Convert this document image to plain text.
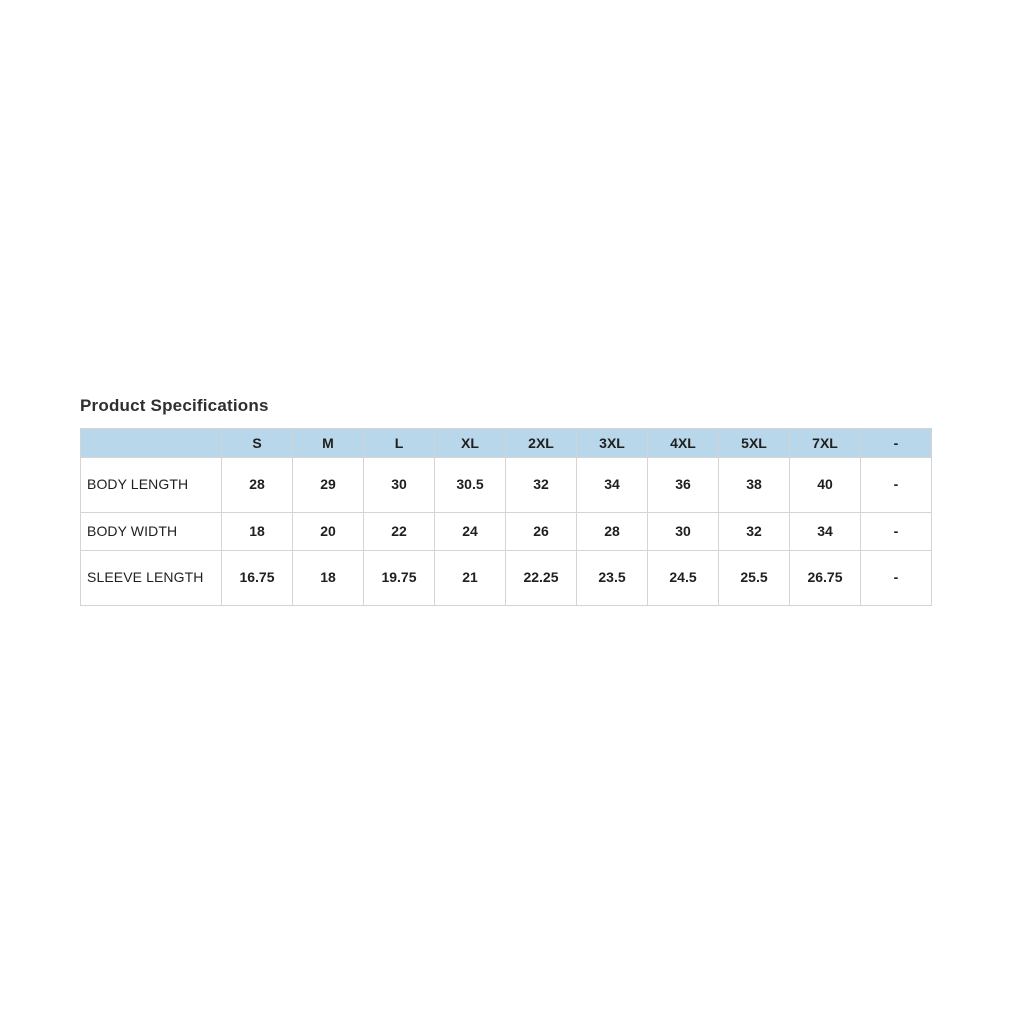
Product Specifications
	S	M	L	XL	2XL	3XL	4XL	5XL	7XL	-
BODY LENGTH	28	29	30	30.5	32	34	36	38	40	-
BODY WIDTH	18	20	22	24	26	28	30	32	34	-
SLEEVE LENGTH	16.75	18	19.75	21	22.25	23.5	24.5	25.5	26.75	-
